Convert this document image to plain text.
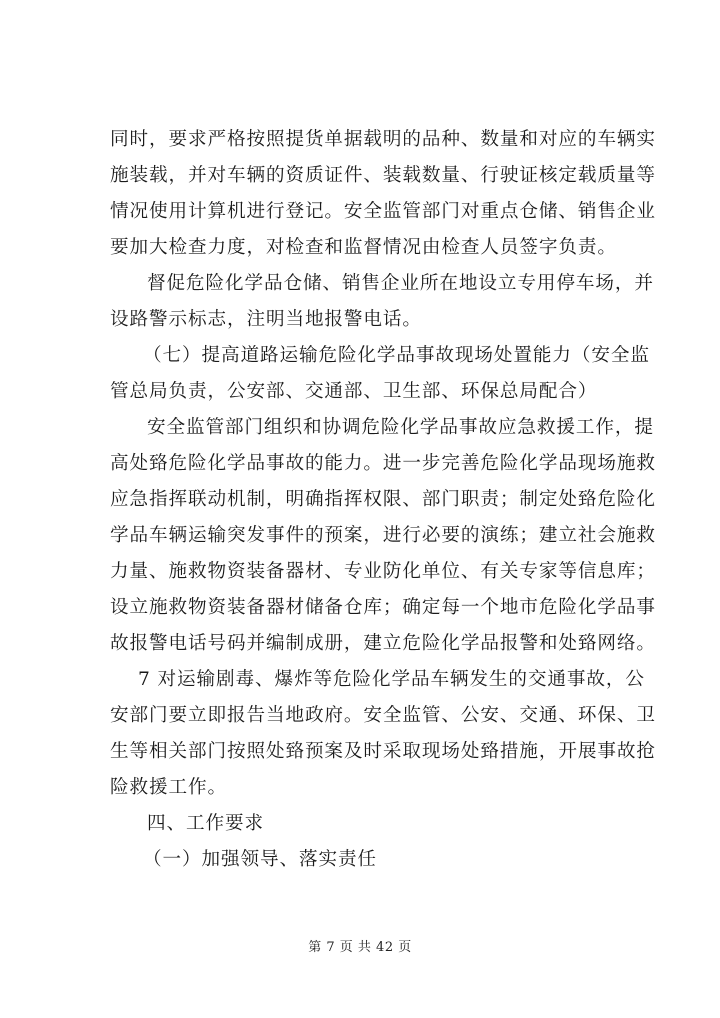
同时，要求严格按照提货单据载明的品种、数量和对应的车辆实
施装载，并对车辆的资质证件、装载数量、行驶证核定载质量等
情况使用计算机进行登记。安全监管部门对重点仓储、销售企业
要加大检查力度，对检查和监督情况由检查人员签字负责。
督促危险化学品仓储、销售企业所在地设立专用停车场，并
设路警示标志，注明当地报警电话。
（七）提高道路运输危险化学品事故现场处置能力（安全监
管总局负责，公安部、交通部、卫生部、环保总局配合）
安全监管部门组织和协调危险化学品事故应急救援工作，提
高处臵危险化学品事故的能力。进一步完善危险化学品现场施救
应急指挥联动机制，明确指挥权限、部门职责；制定处臵危险化
学品车辆运输突发事件的预案，进行必要的演练；建立社会施救
力量、施救物资装备器材、专业防化单位、有关专家等信息库；
设立施救物资装备器材储备仓库；确定每一个地市危险化学品事
故报警电话号码并编制成册，建立危险化学品报警和处臵网络。
7 对运输剧毒、爆炸等危险化学品车辆发生的交通事故，公
安部门要立即报告当地政府。安全监管、公安、交通、环保、卫
生等相关部门按照处臵预案及时采取现场处臵措施，开展事故抢
险救援工作。
四、工作要求
（一）加强领导、落实责任
第 7 页 共 42 页
